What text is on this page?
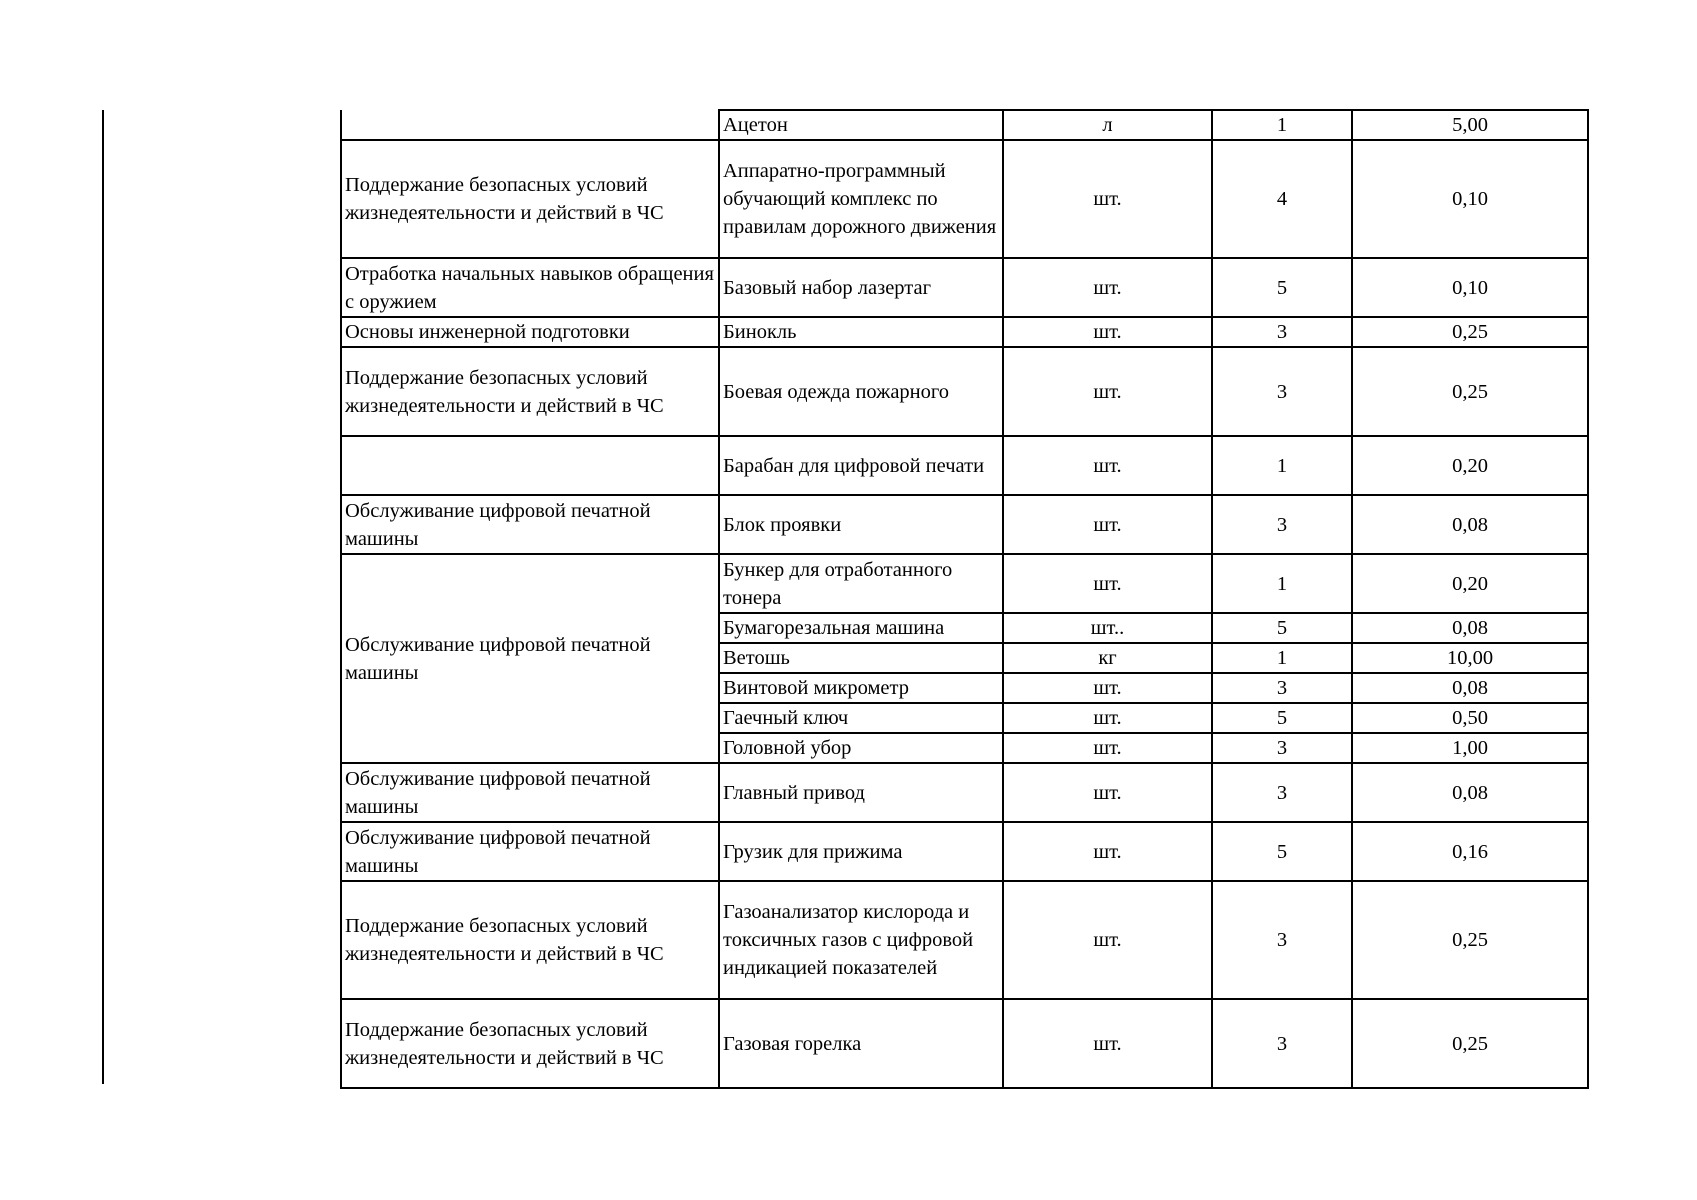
	Ацетон	л	1	5,00
Поддержание безопасных условий жизнедеятельности и действий в ЧС	Аппаратно-программный обучающий комплекс по правилам дорожного движения	шт.	4	0,10
Отработка начальных навыков обращения с оружием	Базовый набор лазертаг	шт.	5	0,10
Основы инженерной подготовки	Бинокль	шт.	3	0,25
Поддержание безопасных условий жизнедеятельности и действий в ЧС	Боевая одежда пожарного	шт.	3	0,25
	Барабан для цифровой печати	шт.	1	0,20
Обслуживание цифровой печатной машины	Блок проявки	шт.	3	0,08
Обслуживание цифровой печатной машины	Бункер для отработанного тонера	шт.	1	0,20
	Бумагорезальная машина	шт..	5	0,08
	Ветошь	кг	1	10,00
	Винтовой микрометр	шт.	3	0,08
	Гаечный ключ	шт.	5	0,50
	Головной убор	шт.	3	1,00
Обслуживание цифровой печатной машины	Главный привод	шт.	3	0,08
Обслуживание цифровой печатной машины	Грузик для прижима	шт.	5	0,16
Поддержание безопасных условий жизнедеятельности и действий в ЧС	Газоанализатор кислорода и токсичных газов с цифровой индикацией показателей	шт.	3	0,25
Поддержание безопасных условий жизнедеятельности и действий в ЧС	Газовая горелка	шт.	3	0,25
